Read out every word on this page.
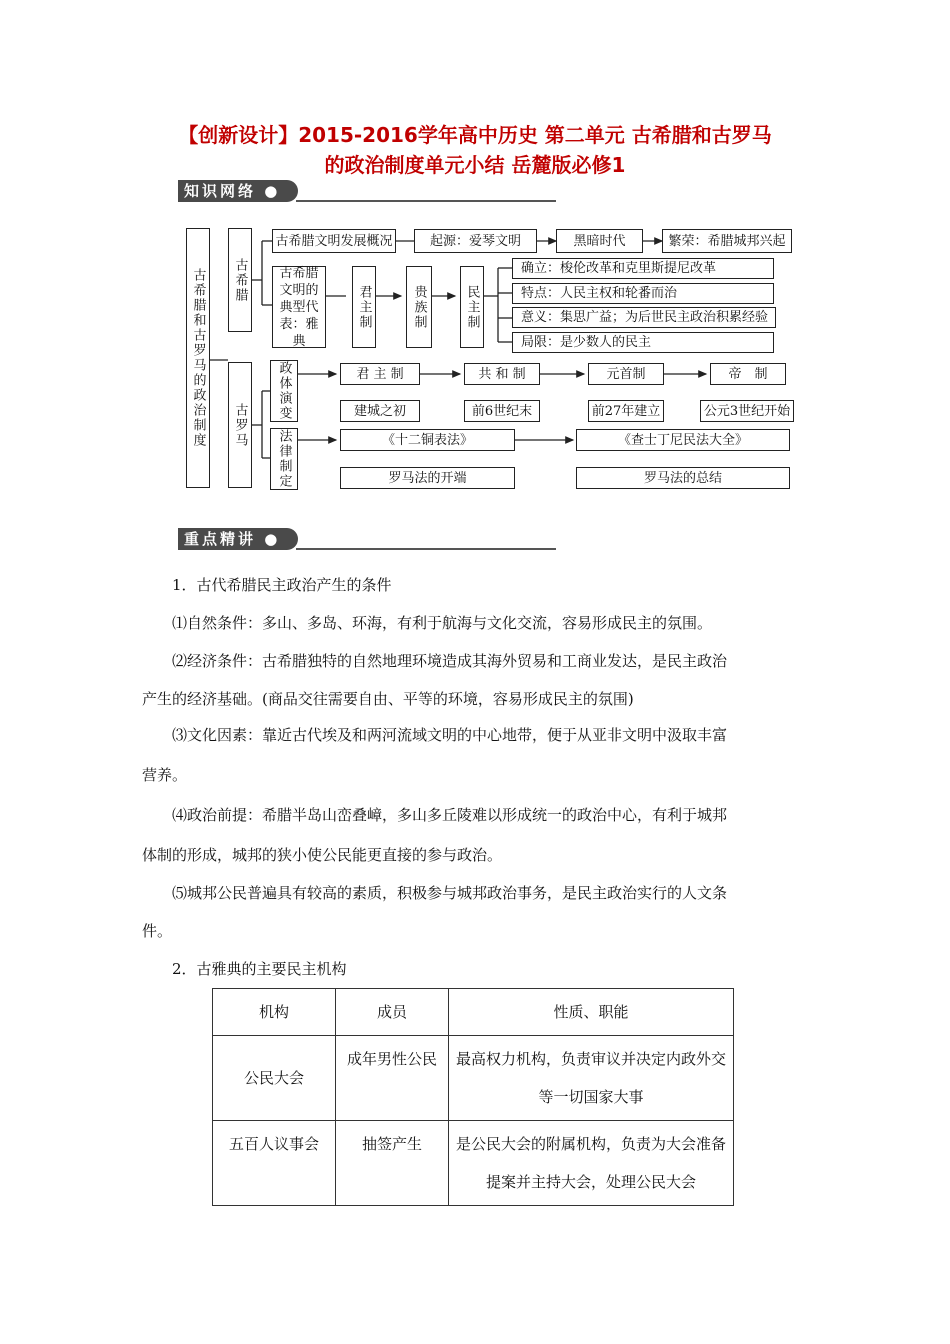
【创新设计】2015-2016学年高中历史 第二单元 古希腊和古罗马
的政治制度单元小结 岳麓版必修1
知识网络 ●
古希腊和古罗马的政治制度	古希腊
古罗马
古希腊文明发展概况	起源：爱琴文明	黑暗时代	繁荣：希腊城邦兴起
古希腊文明的典型代表：雅典
君主制	贵族制	民主制
确立：梭伦改革和克里斯提尼改革
特点：人民主权和轮番而治
意义：集思广益；为后世民主政治积累经验
局限：是少数人的民主
政体演变
法律制定
君 主 制	共 和 制	元首制	帝　制
建城之初	前6世纪末	前27年建立	公元3世纪开始
《十二铜表法》	《查士丁尼民法大全》
罗马法的开端	罗马法的总结
重点精讲 ●
1．古代希腊民主政治产生的条件
⑴自然条件：多山、多岛、环海，有利于航海与文化交流，容易形成民主的氛围。
⑵经济条件：古希腊独特的自然地理环境造成其海外贸易和工商业发达，是民主政治
产生的经济基础。(商品交往需要自由、平等的环境，容易形成民主的氛围)
⑶文化因素：靠近古代埃及和两河流域文明的中心地带，便于从亚非文明中汲取丰富
营养。
⑷政治前提：希腊半岛山峦叠嶂，多山多丘陵难以形成统一的政治中心，有利于城邦
体制的形成，城邦的狭小使公民能更直接的参与政治。
⑸城邦公民普遍具有较高的素质，积极参与城邦政治事务，是民主政治实行的人文条
件。
2．古雅典的主要民主机构
机构	成员	性质、职能
公民大会	成年男性公民	最高权力机构，负责审议并决定内政外交等一切国家大事
五百人议事会	抽签产生	是公民大会的附属机构，负责为大会准备提案并主持大会，处理公民大会
